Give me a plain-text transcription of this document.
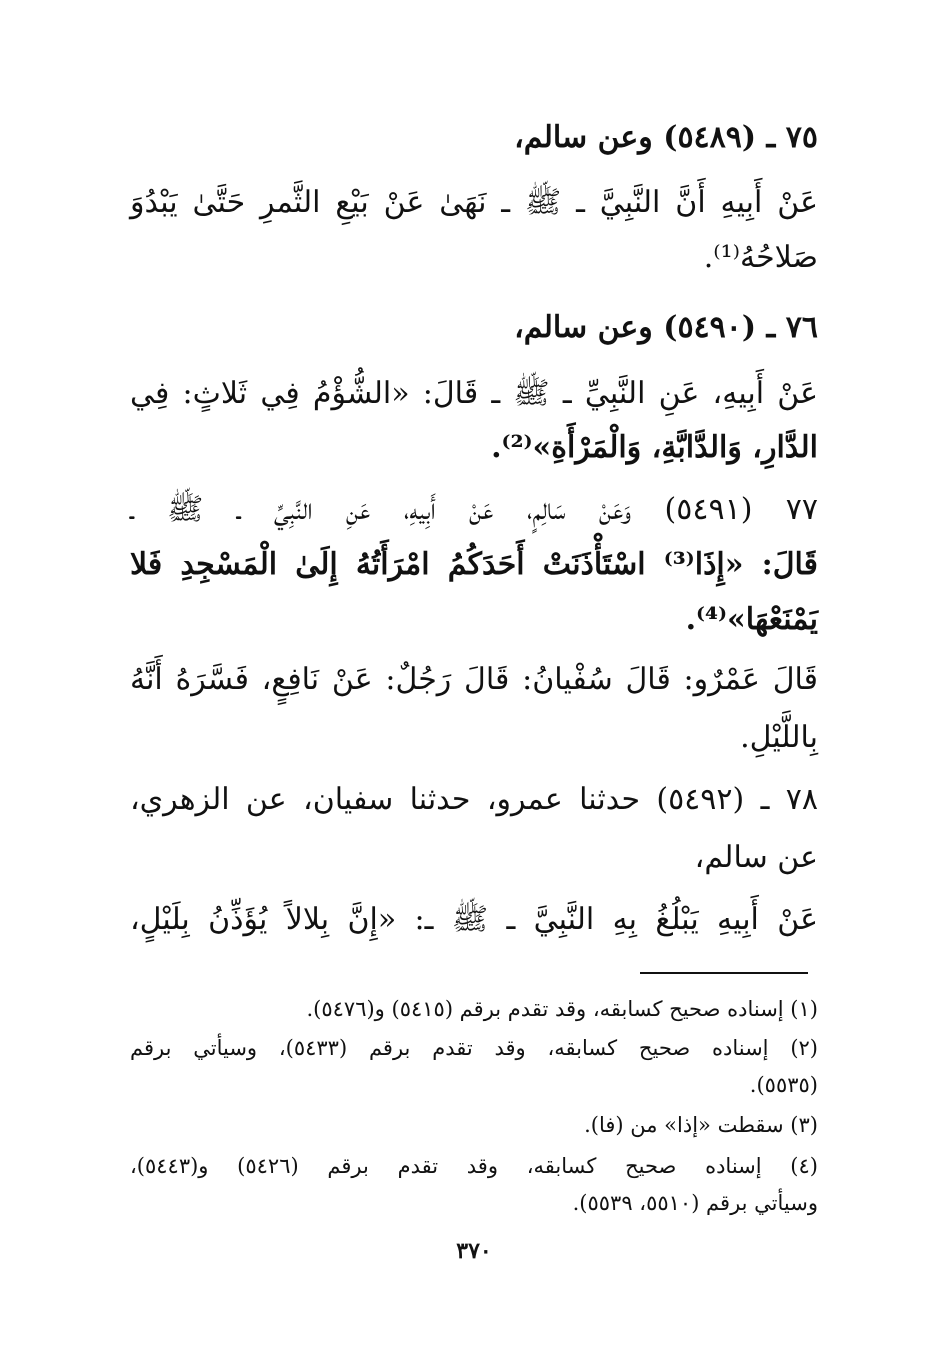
٧٥ ـ (٥٤٨٩) وعن سالم،
عَنْ أَبِيهِ أَنَّ النَّبِيَّ ـ ﷺ ـ نَهَىٰ عَنْ بَيْعِ الثَّمرِ حَتَّىٰ يَبْدُوَ
صَلاحُهُ⁽¹⁾.
٧٦ ـ (٥٤٩٠) وعن سالم،
عَنْ أَبِيهِ، عَنِ النَّبِيِّ ـ ﷺ ـ قَالَ: «الشُّؤْمُ فِي ثَلاثٍ: فِي
الدَّارِ، وَالدَّابَّةِ، وَالْمَرْأَةِ»⁽²⁾.
٧٧ (٥٤٩١) وَعَنْ سَالِمٍ، عَنْ أَبِيهِ، عَنِ النَّبِيِّ ـ ﷺ ـ
قَالَ: «إِذَا⁽³⁾ اسْتَأْذَنَتْ أَحَدَكُمُ امْرَأَتُهُ إِلَىٰ الْمَسْجِدِ فَلا
يَمْنَعْهَا»⁽⁴⁾.
قَالَ عَمْرٌو: قَالَ سُفْيانُ: قَالَ رَجُلٌ: عَنْ نَافِعٍ، فَسَّرَهُ أَنَّهُ
بِاللَّيْلِ.
٧٨ ـ (٥٤٩٢) حدثنا عمرو، حدثنا سفيان، عن الزهري،
عن سالم،
عَنْ أَبِيهِ يَبْلُغُ بِهِ النَّبِيَّ ـ ﷺ ـ: «إِنَّ بِلالاً يُؤَذِّنُ بِلَيْلٍ،
(١) إسناده صحيح كسابقه، وقد تقدم برقم (٥٤١٥) و(٥٤٧٦).
(٢) إسناده صحيح كسابقه، وقد تقدم برقم (٥٤٣٣)، وسيأتي برقم
(٥٥٣٥).
(٣) سقطت «إذا» من (فا).
(٤) إسناده صحيح كسابقه، وقد تقدم برقم (٥٤٢٦) و(٥٤٤٣)،
وسيأتي برقم (٥٥١٠، ٥٥٣٩).
٣٧٠
